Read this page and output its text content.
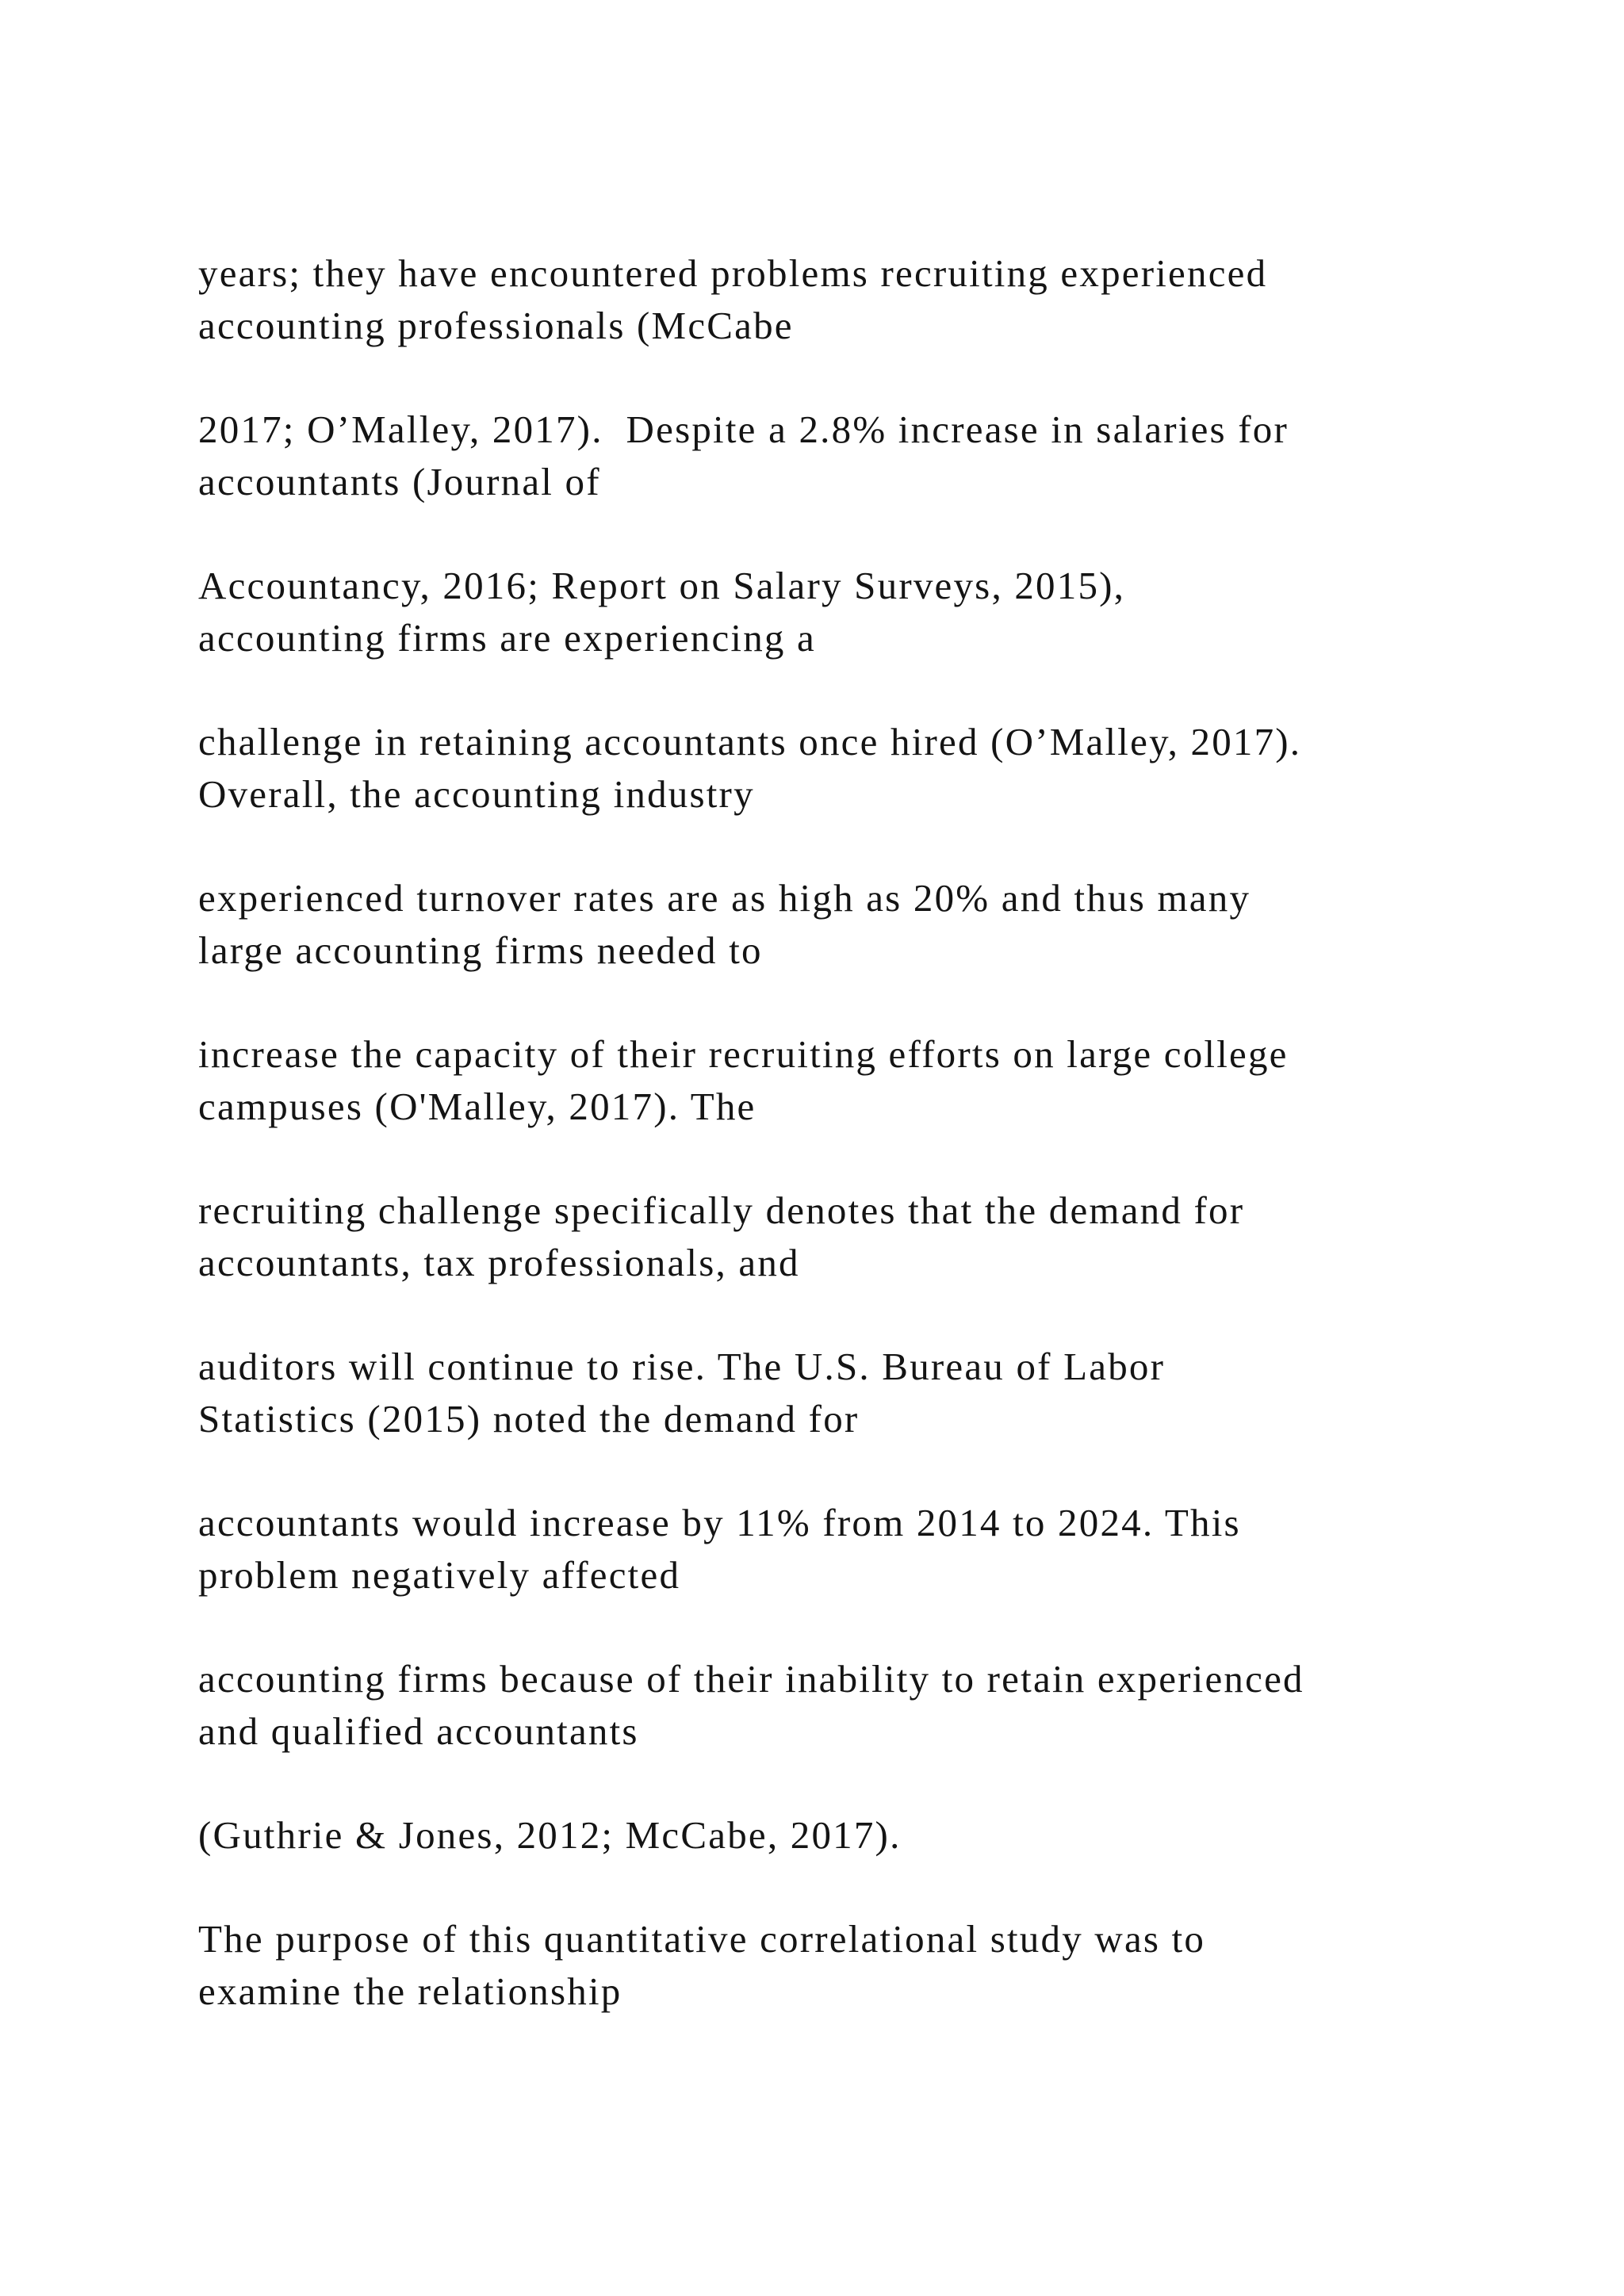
years; they have encountered problems recruiting experienced
accounting professionals (McCabe

2017; O’Malley, 2017).  Despite a 2.8% increase in salaries for
accountants (Journal of

Accountancy, 2016; Report on Salary Surveys, 2015),
accounting firms are experiencing a

challenge in retaining accountants once hired (O’Malley, 2017).
Overall, the accounting industry

experienced turnover rates are as high as 20% and thus many
large accounting firms needed to

increase the capacity of their recruiting efforts on large college
campuses (O'Malley, 2017). The

recruiting challenge specifically denotes that the demand for
accountants, tax professionals, and

auditors will continue to rise. The U.S. Bureau of Labor
Statistics (2015) noted the demand for

accountants would increase by 11% from 2014 to 2024. This
problem negatively affected

accounting firms because of their inability to retain experienced
and qualified accountants

(Guthrie & Jones, 2012; McCabe, 2017).

The purpose of this quantitative correlational study was to
examine the relationship
